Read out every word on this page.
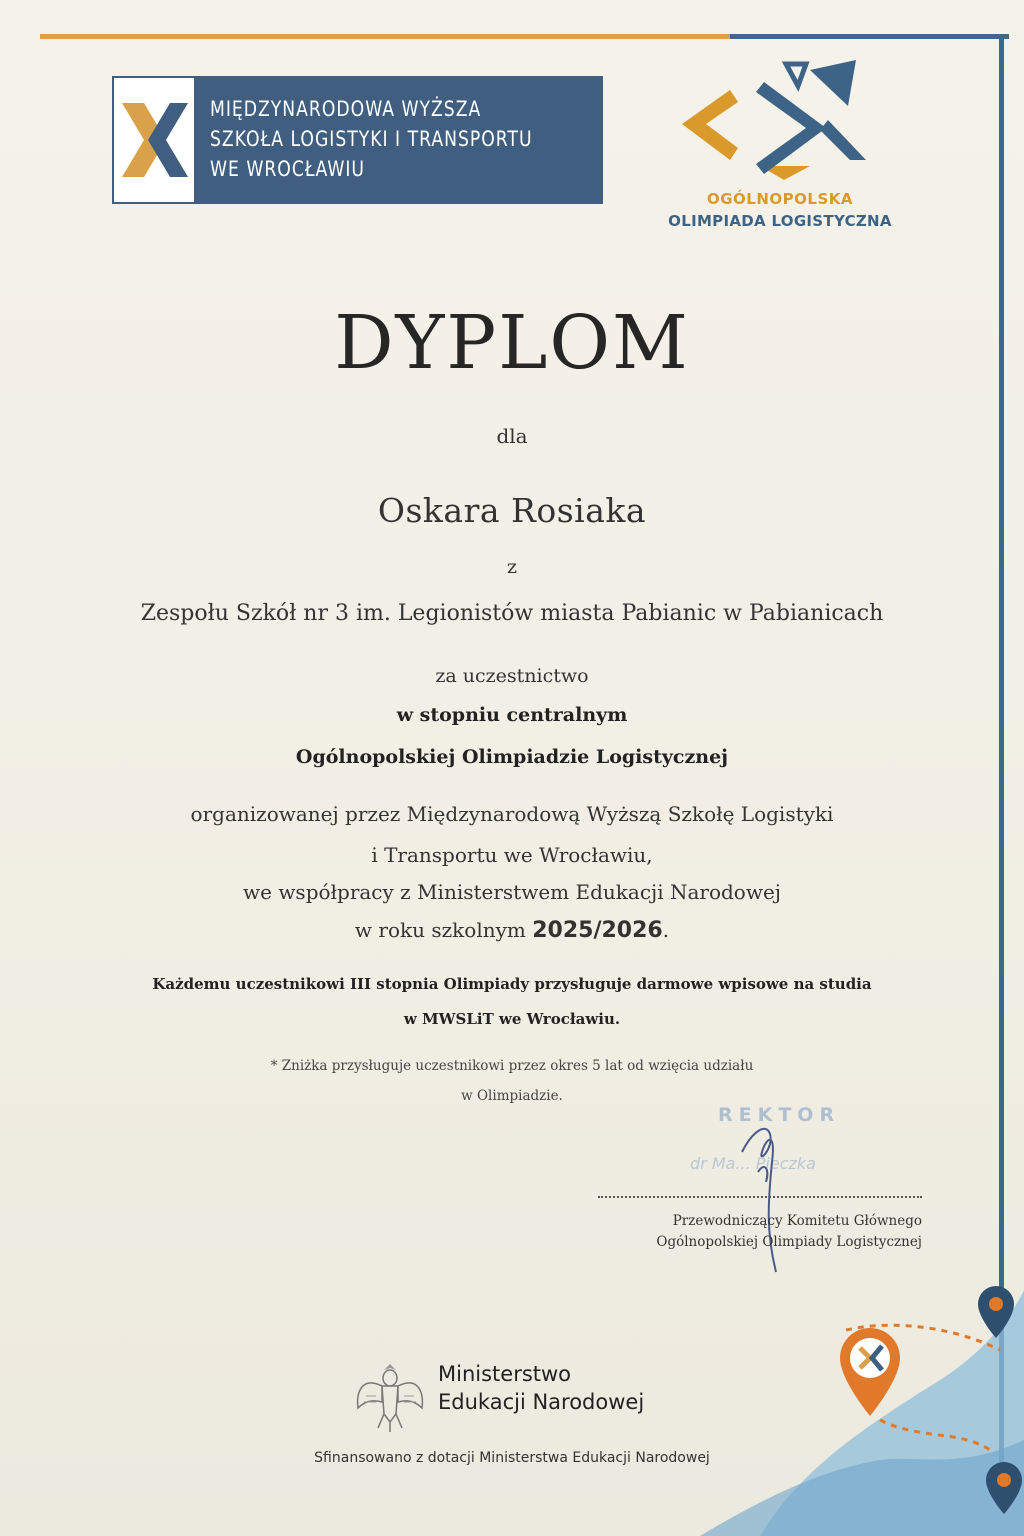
MIĘDZYNARODOWA WYŻSZA
SZKOŁA LOGISTYKI I TRANSPORTU
WE WROCŁAWIU
OGÓLNOPOLSKA
OLIMPIADA LOGISTYCZNA
DYPLOM
dla
Oskara Rosiaka
z
Zespołu Szkół nr 3 im. Legionistów miasta Pabianic w Pabianicach
za uczestnictwo
w stopniu centralnym
Ogólnopolskiej Olimpiadzie Logistycznej
organizowanej przez Międzynarodową Wyższą Szkołę Logistyki
i Transportu we Wrocławiu,
we współpracy z Ministerstwem Edukacji Narodowej
w roku szkolnym 2025/2026.
Każdemu uczestnikowi III stopnia Olimpiady przysługuje darmowe wpisowe na studia
w MWSLiT we Wrocławiu.
* Zniżka przysługuje uczestnikowi przez okres 5 lat od wzięcia udziału
w Olimpiadzie.
REKTOR
dr Ma... Pieczka
Przewodniczący Komitetu Głównego
Ogólnopolskiej Olimpiady Logistycznej
Ministerstwo
Edukacji Narodowej
Sfinansowano z dotacji Ministerstwa Edukacji Narodowej
